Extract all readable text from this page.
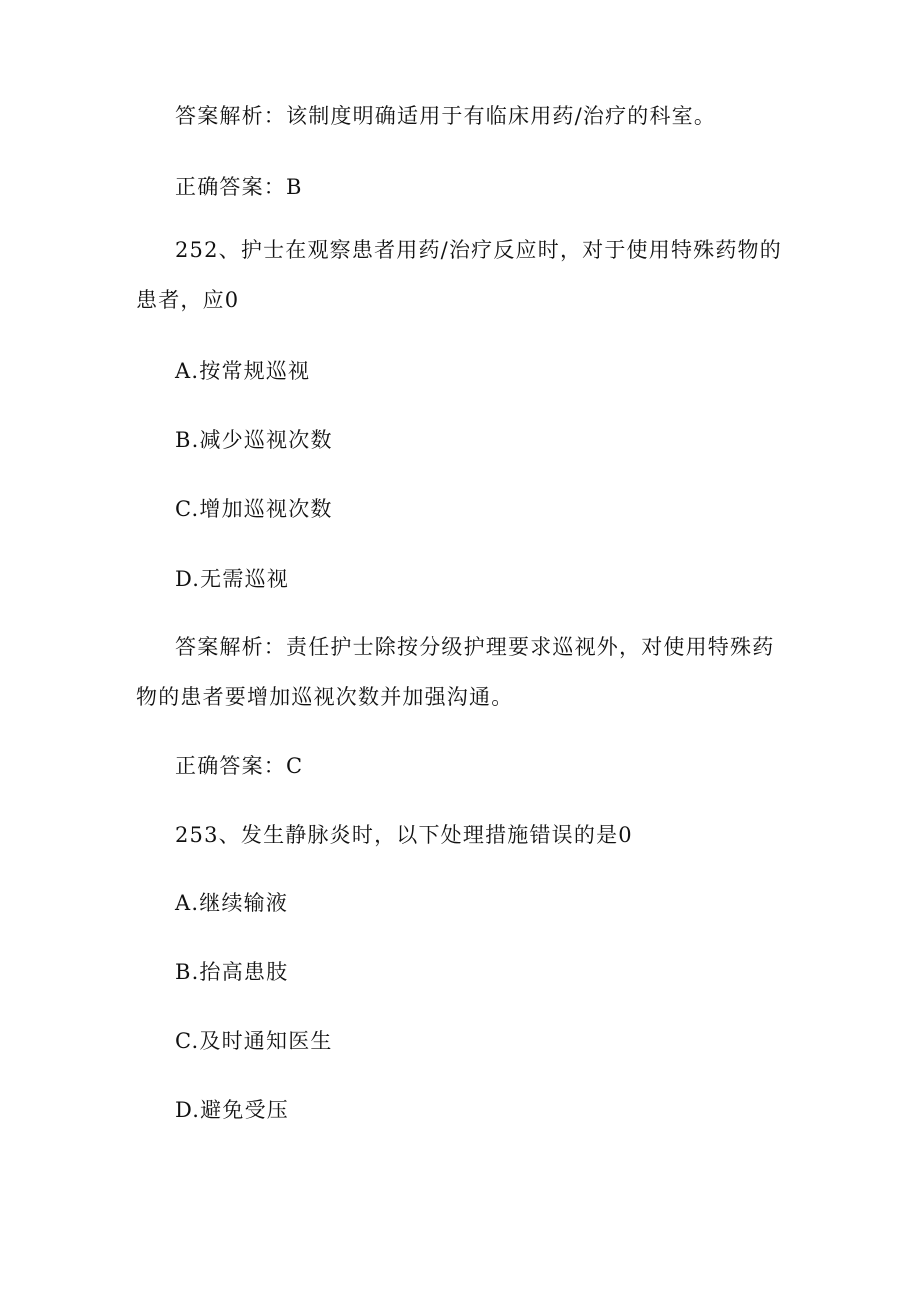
答案解析：该制度明确适用于有临床用药/治疗的科室。
正确答案：B
252、护士在观察患者用药/治疗反应时，对于使用特殊药物的患者，应0
A.按常规巡视
B.减少巡视次数
C.增加巡视次数
D.无需巡视
答案解析：责任护士除按分级护理要求巡视外，对使用特殊药物的患者要增加巡视次数并加强沟通。
正确答案：C
253、发生静脉炎时，以下处理措施错误的是0
A.继续输液
B.抬高患肢
C.及时通知医生
D.避免受压
